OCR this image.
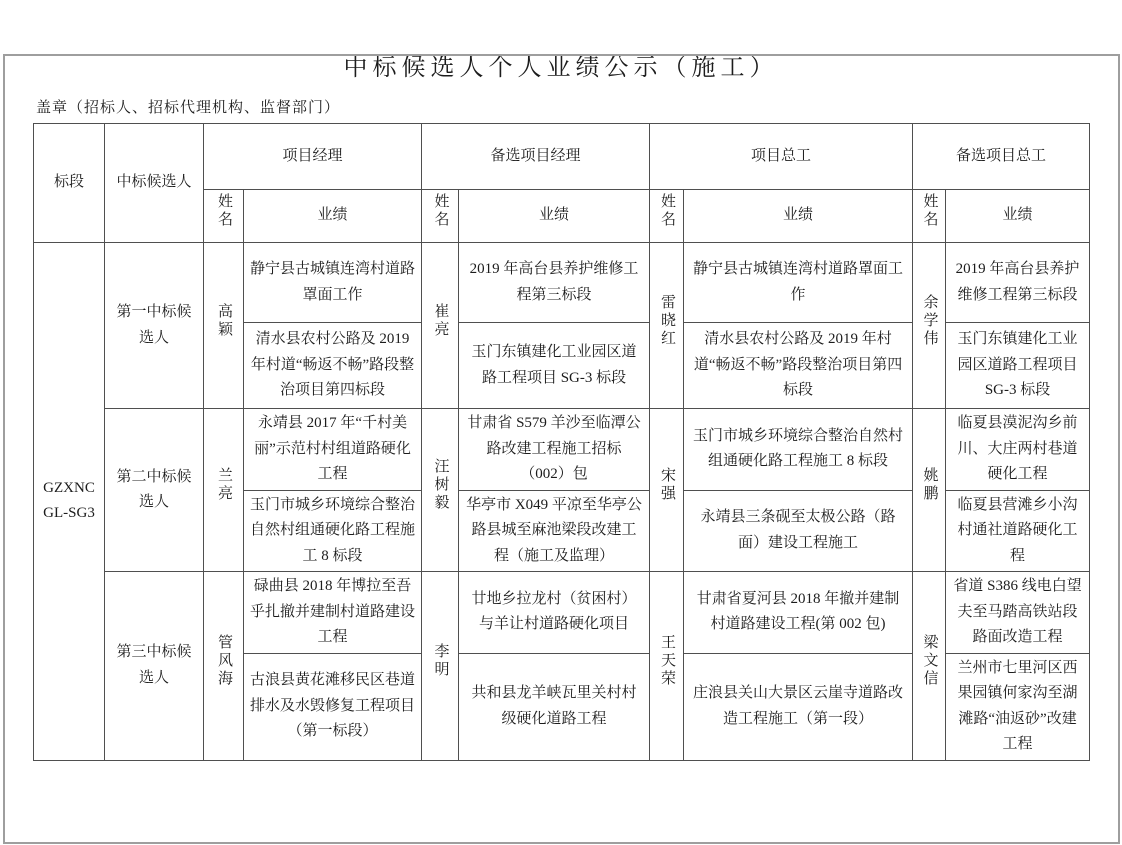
中标候选人个人业绩公示（施工）
盖章（招标人、招标代理机构、监督部门）
标段	中标候选人	项目经理		备选项目经理		项目总工		备选项目总工	
		姓名	业绩	姓名	业绩	姓名	业绩	姓名	业绩
GZXNCGL-SG3	第一中标候选人	高颖	静宁县古城镇连湾村道路罩面工作	崔亮	2019 年高台县养护维修工程第三标段	雷晓红	静宁县古城镇连湾村道路罩面工作	余学伟	2019 年高台县养护维修工程第三标段
			清水县农村公路及 2019 年村道“畅返不畅”路段整治项目第四标段		玉门东镇建化工业园区道路工程项目 SG-3 标段		清水县农村公路及 2019 年村道“畅返不畅”路段整治项目第四标段		玉门东镇建化工业园区道路工程项目 SG-3 标段
	第二中标候选人	兰亮	永靖县 2017 年“千村美丽”示范村村组道路硬化工程	汪树毅	甘肃省 S579 羊沙至临潭公路改建工程施工招标（002）包	宋强	玉门市城乡环境综合整治自然村组通硬化路工程施工 8 标段	姚鹏	临夏县漠泥沟乡前川、大庄两村巷道硬化工程
			玉门市城乡环境综合整治自然村组通硬化路工程施工 8 标段		华亭市 X049 平凉至华亭公路县城至麻池梁段改建工程（施工及监理）		永靖县三条砚至太极公路（路面）建设工程施工		临夏县营滩乡小沟村通社道路硬化工程
	第三中标候选人	管风海	碌曲县 2018 年博拉至吾乎扎撤并建制村道路建设工程	李明	廿地乡拉龙村（贫困村）与羊让村道路硬化项目	王天荣	甘肃省夏河县 2018 年撤并建制村道路建设工程(第 002 包)	梁文信	省道 S386 线电白望夫至马踏高铁站段路面改造工程
			古浪县黄花滩移民区巷道排水及水毁修复工程项目（第一标段）		共和县龙羊峡瓦里关村村级硬化道路工程		庄浪县关山大景区云崖寺道路改造工程施工（第一段）		兰州市七里河区西果园镇何家沟至湖滩路“油返砂”改建工程
